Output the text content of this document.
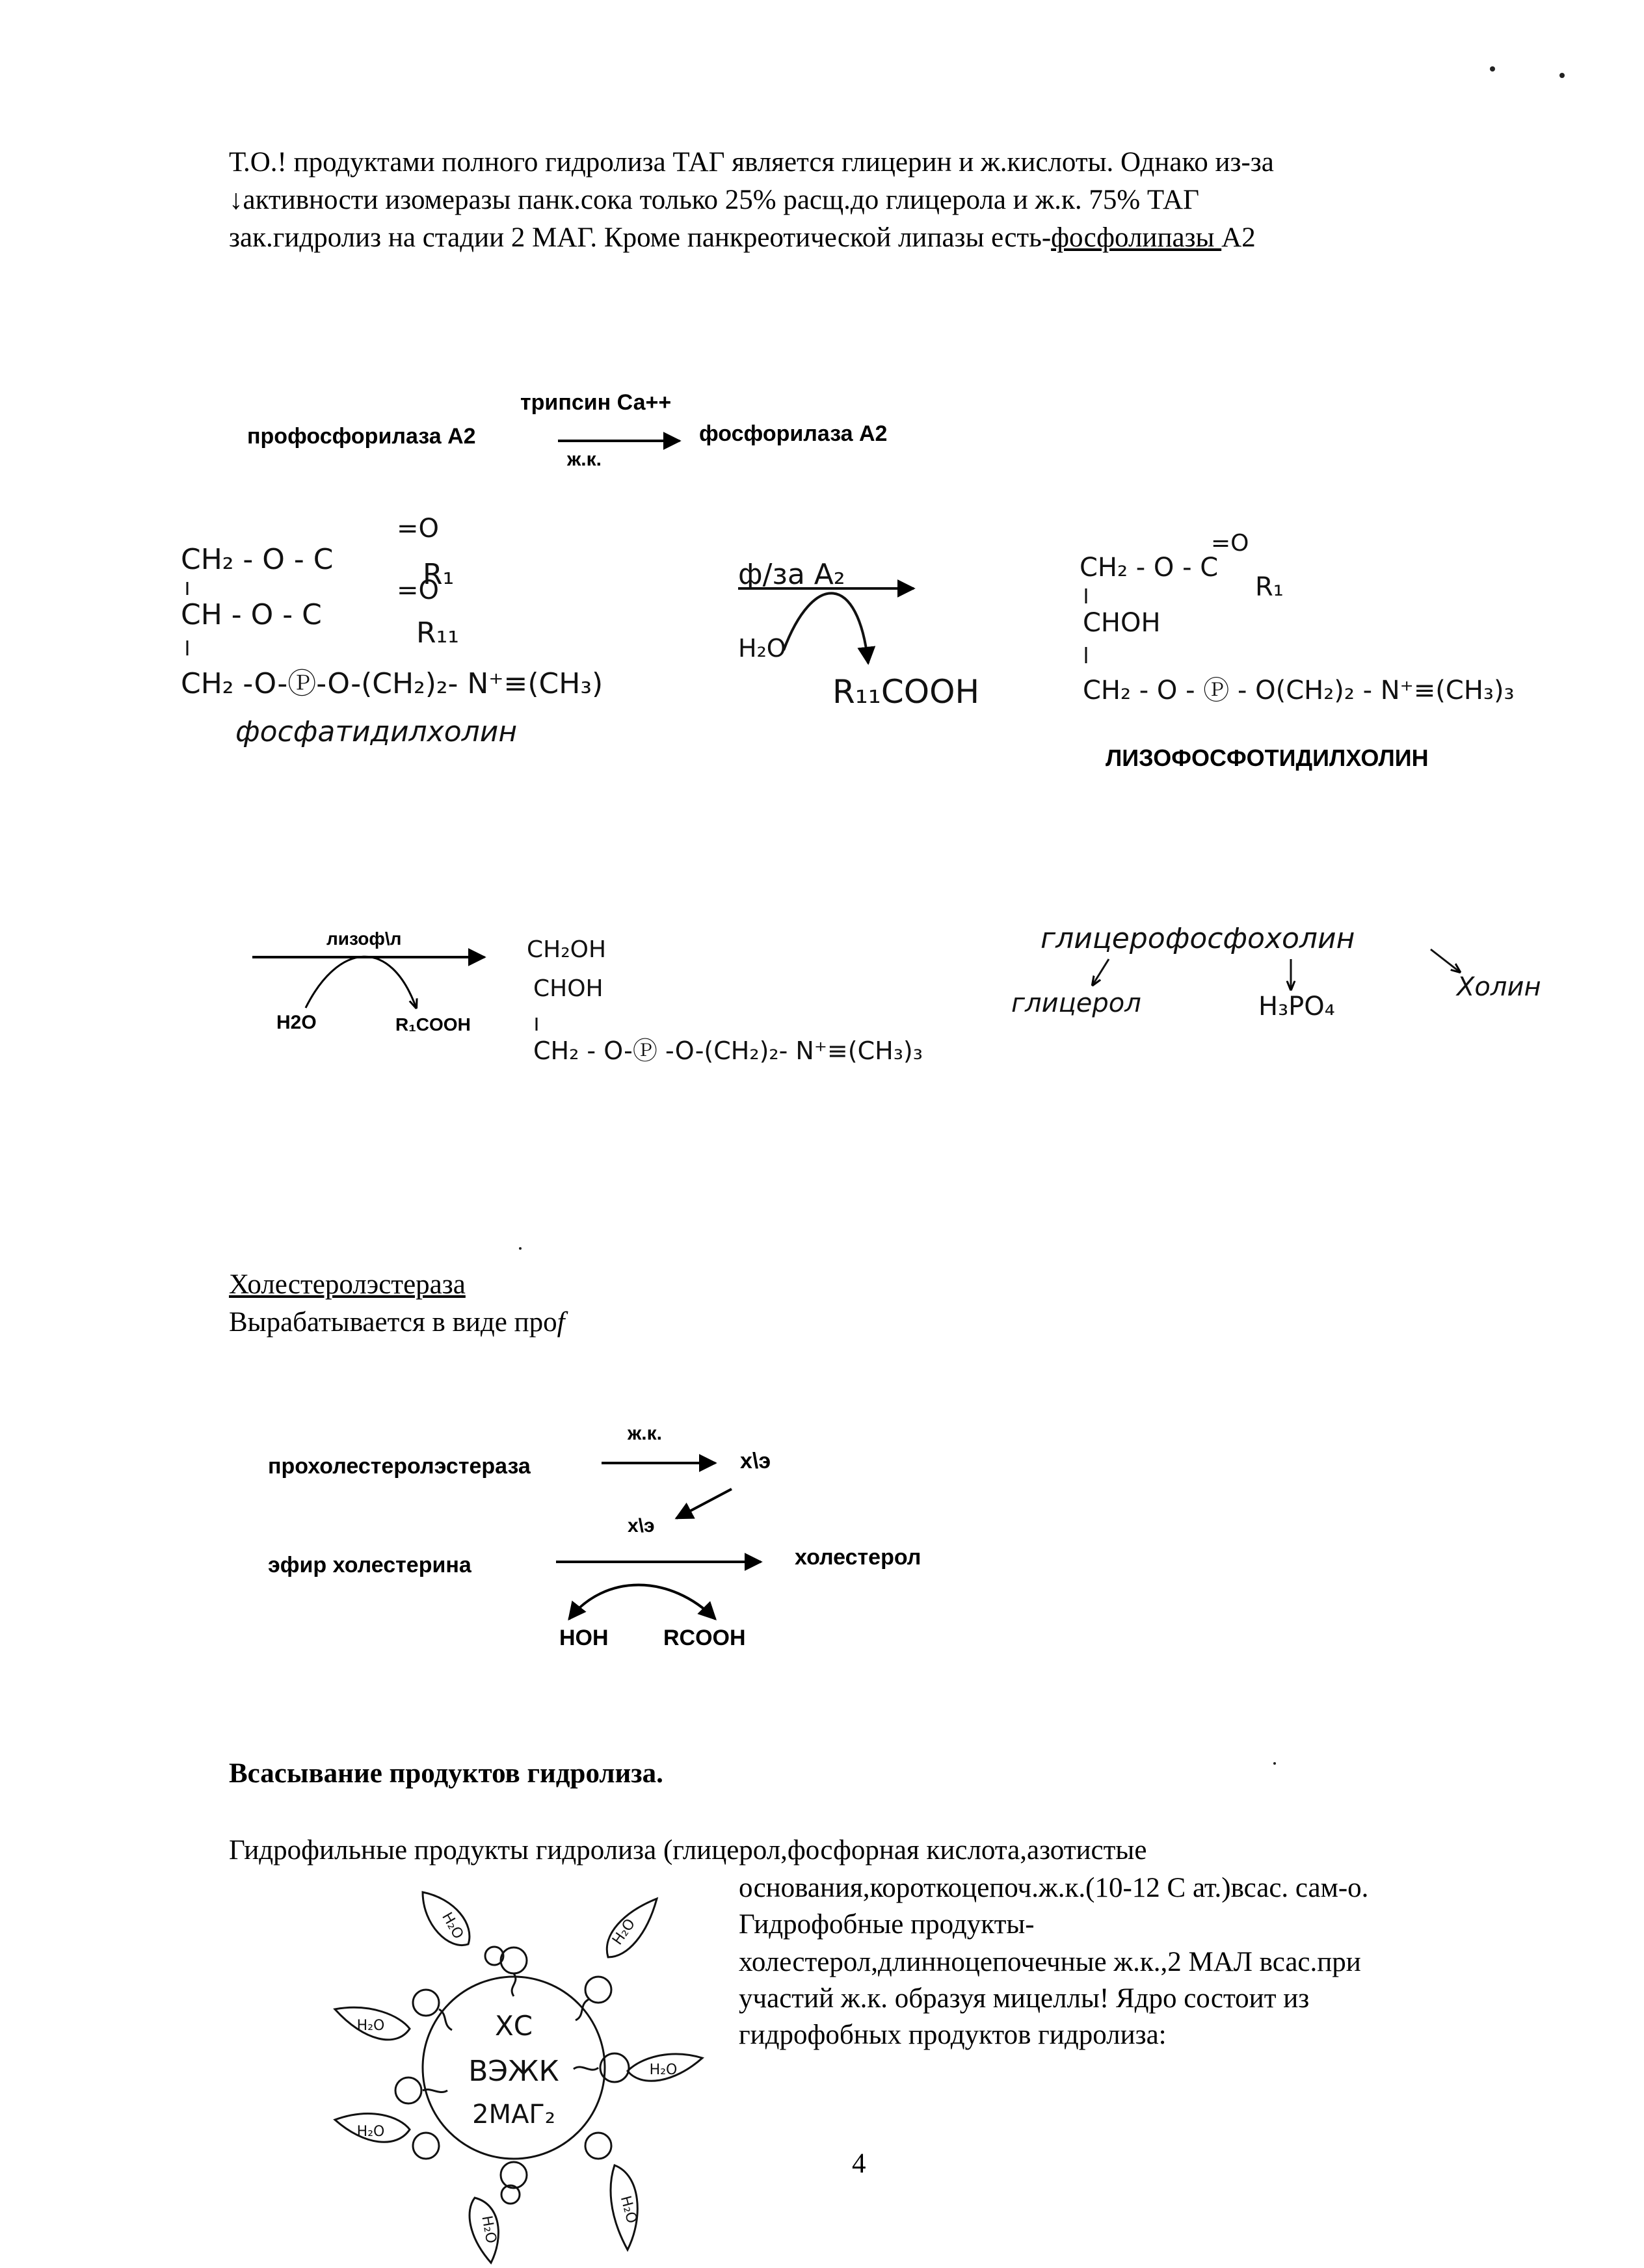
Т.О.! продуктами полного гидролиза ТАГ является глицерин и ж.кислоты. Однако из-за
↓активности изомеразы панк.сока только 25% расщ.до глицерола и ж.к. 75% ТАГ
зак.гидролиз на стадии 2 МАГ. Кроме панкреотической липазы есть-фосфолипазы А2
профосфорилаза А2
трипсин Са++
ж.к.
фосфорилаза А2
CH₂ - O - C
=O
R₁
CH - O - C
=O
R₁₁
CH₂ -O-Ⓟ-O-(CH₂)₂- N⁺≡(CH₃)
фосфатидилхолин
ф/за А₂
H₂O
R₁₁COOH
CH₂ - O - C
=O
R₁
CHOH
CH₂ - O - Ⓟ - O(CH₂)₂ - N⁺≡(CH₃)₃
ЛИЗОФОСФОТИДИЛХОЛИН
лизоф\л
H2O	R₁COOH
CH₂OH
CHOH
CH₂ - O-Ⓟ -O-(CH₂)₂- N⁺≡(CH₃)₃
глицерофосфохолин
глицерол	H₃PO₄
Холин
Холестеролэстераза
Вырабатывается в виде проf
прохолестеролэстераза
ж.к.
х\э
х\э
эфир холестерина	холестерол
HOH RCOOH
Всасывание продуктов гидролиза.
Гидрофильные продукты гидролиза (глицерол,фосфорная кислота,азотистые
основания,короткоцепоч.ж.к.(10-12 С ат.)всас. сам-о.
Гидрофобные продукты-
холестерол,длинноцепочечные ж.к.,2 МАЛ всас.при
участий ж.к. образуя мицеллы! Ядро состоит из
гидрофобных продуктов гидролиза:
4
ХС
ВЭЖК
2МАГ₂
H₂O	H₂O
H₂O
H₂O
H₂O
H₂O
H₂O
